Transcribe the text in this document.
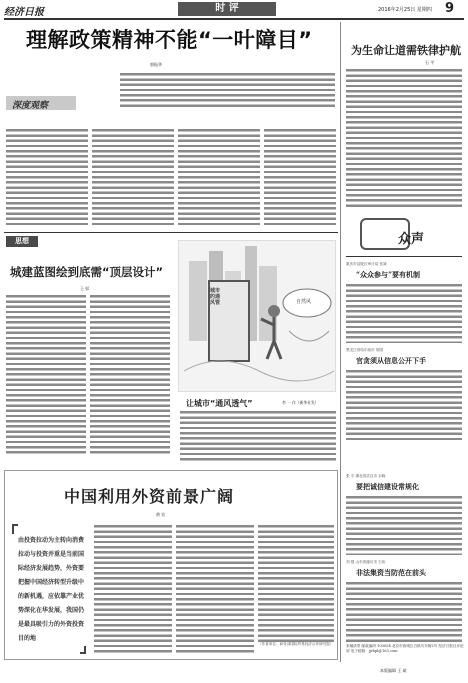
经济日报	时 评	2016年2月25日 星期四 9
理解政策精神不能“一叶障目”
郭振华
深度观察
为生命让道需铁律护航
石 平
众声
重庆市涪陵区审计局 张斌
“众众参与”要有机制
黑龙江省哈尔滨市 胡国
官贪须从信息公开下手
张 平 湖北省武汉市 余晓
要把诚信建设常规化
刘 强 山东省潍坊市 石伟
非法集资当防范在前头
思想
城建蓝图绘到底需“顶层设计”
王 彰	城市的通风管	自然风
让城市“通风透气”	李 一 作（新华社发）
中国利用外资前景广阔
黄 宏
由投资拉动为主转向消费拉动与投资并重是当前国际经济发展趋势，外资要把握中国经济转型升级中的新机遇，应依靠产业优势深化在华发展，我国仍是最具吸引力的外资投资目的地
（作者单位：商务部国际贸易经济合作研究院）	来稿请寄 邮政编码 100054 北京市西城区白纸坊东街2号 经济日报社评论部 电子邮箱：jjrbpl@163.com
本版编辑 王 斌
